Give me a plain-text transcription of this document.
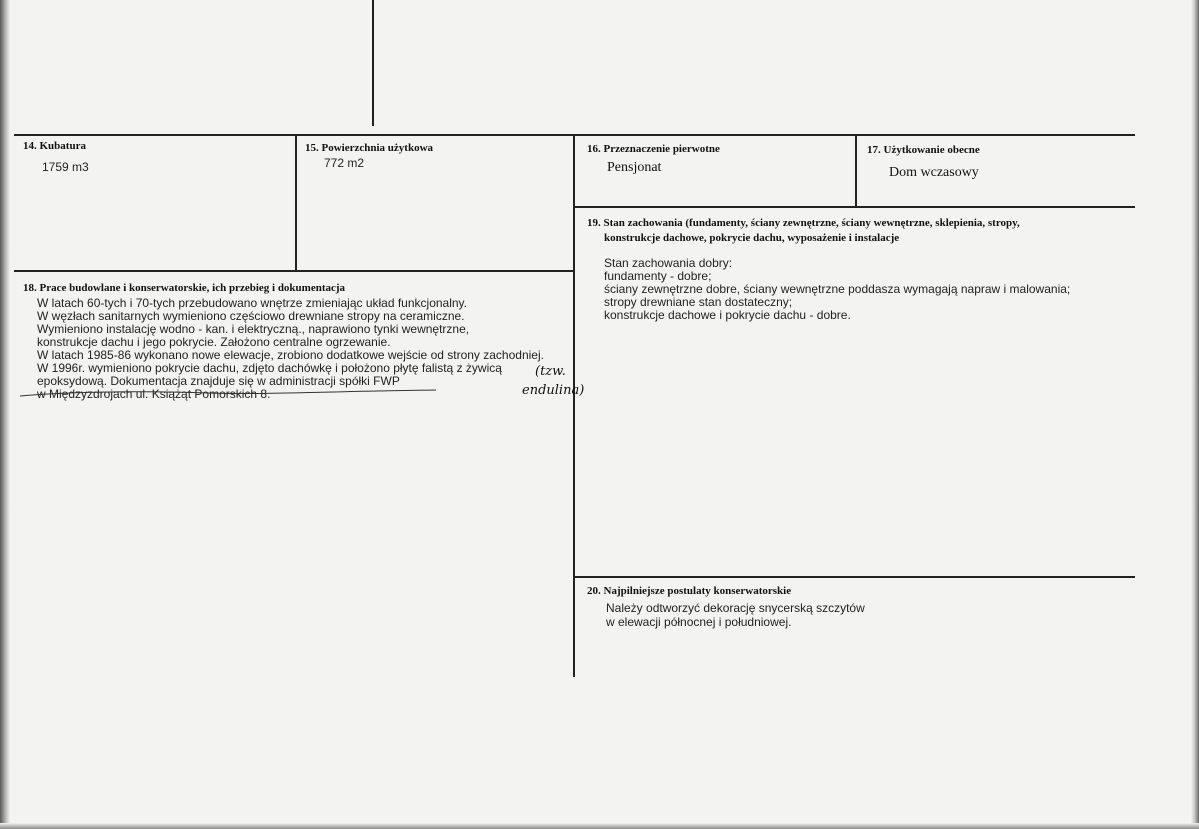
14. Kubatura
1759 m3
15. Powierzchnia użytkowa
772 m2
16. Przeznaczenie pierwotne
Pensjonat
17. Użytkowanie obecne
Dom wczasowy
19. Stan zachowania (fundamenty, ściany zewnętrzne, ściany wewnętrzne, sklepienia, stropy,
konstrukcje dachowe, pokrycie dachu, wyposażenie i instalacje
Stan zachowania dobry:
fundamenty - dobre;
ściany zewnętrzne dobre, ściany wewnętrzne poddasza wymagają napraw i malowania;
stropy drewniane stan dostateczny;
konstrukcje dachowe i pokrycie dachu - dobre.
18. Prace budowlane i konserwatorskie, ich przebieg i dokumentacja
W latach 60-tych i 70-tych przebudowano wnętrze zmieniając układ funkcjonalny.
W węzłach sanitarnych wymieniono częściowo drewniane stropy na ceramiczne.
Wymieniono instalację wodno - kan. i elektryczną., naprawiono tynki wewnętrzne,
konstrukcje dachu i jego pokrycie. Założono centralne ogrzewanie.
W latach 1985-86 wykonano nowe elewacje, zrobiono dodatkowe wejście od strony zachodniej.
W 1996r. wymieniono pokrycie dachu, zdjęto dachówkę i położono płytę falistą z żywicą
epoksydową. Dokumentacja znajduje się w administracji spółki FWP
w Międzyzdrojach ul. Książąt Pomorskich 8.
(tzw.
endulina)
20. Najpilniejsze postulaty konserwatorskie
Należy odtworzyć dekorację snycerską szczytów
w elewacji północnej i południowej.
